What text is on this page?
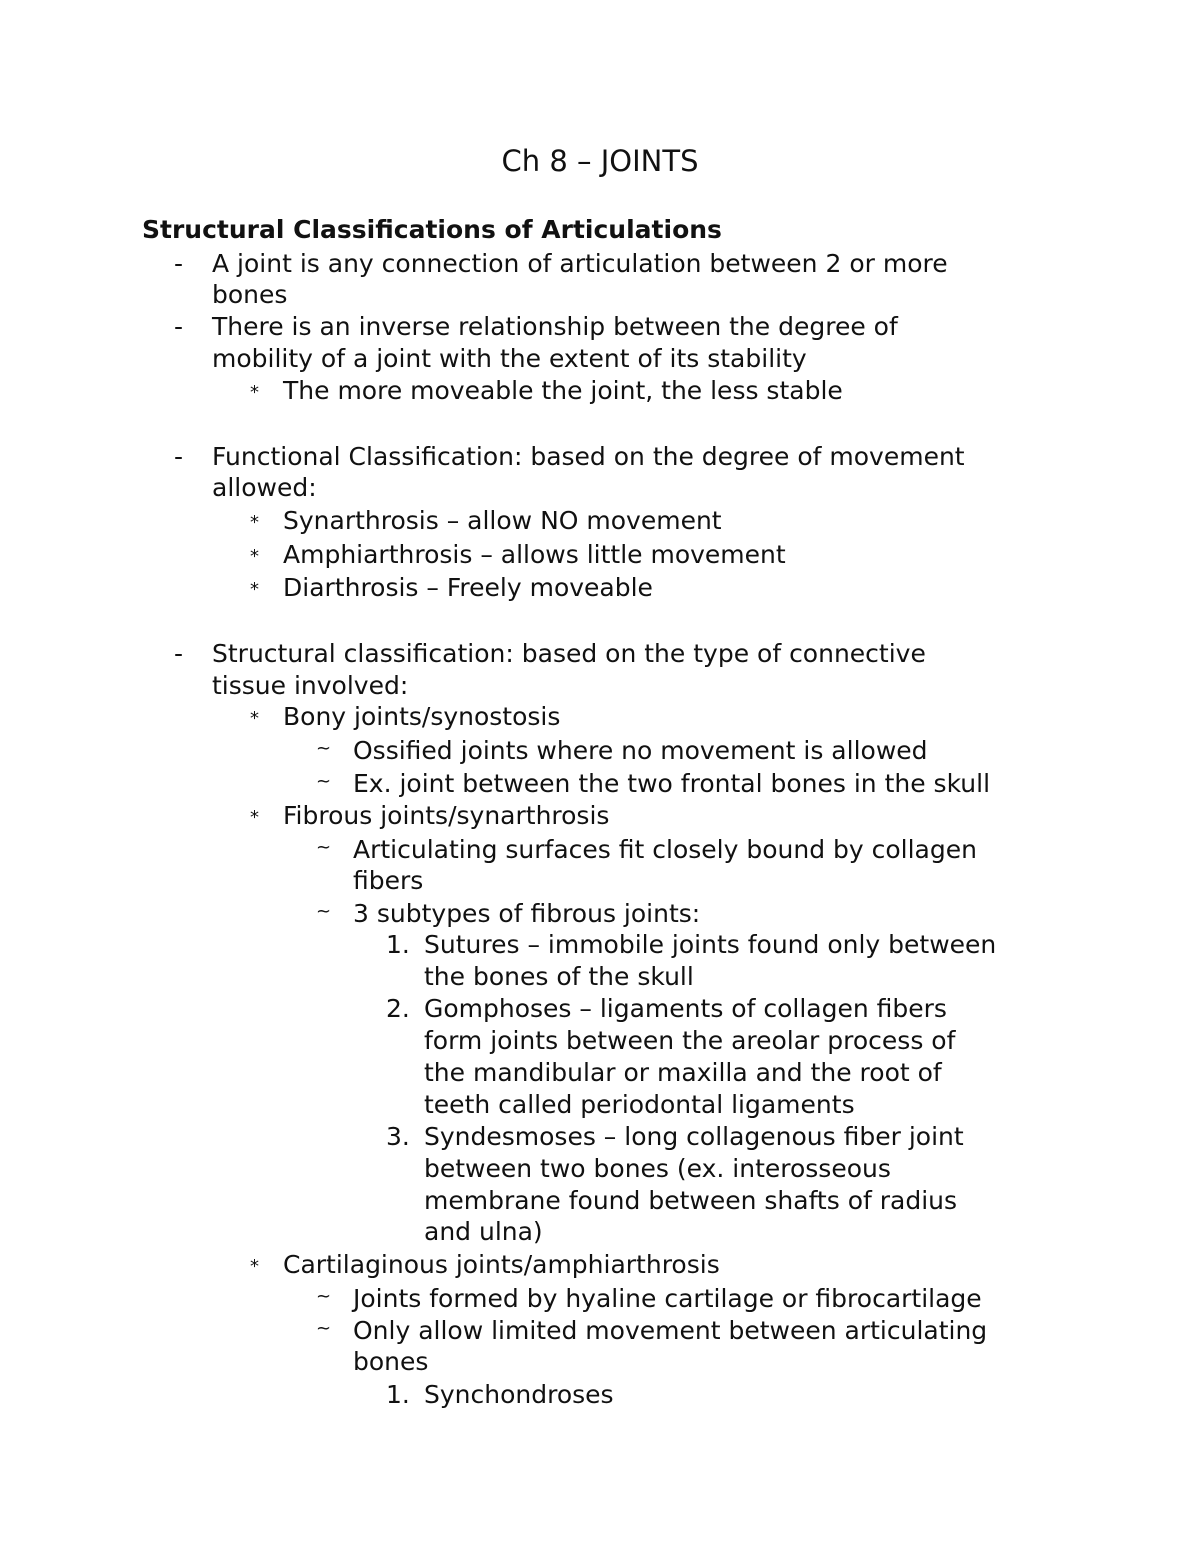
Ch 8 – JOINTS
Structural Classifications of Articulations
- A joint is any connection of articulation between 2 or more
bones
- There is an inverse relationship between the degree of
mobility of a joint with the extent of its stability
* The more moveable the joint, the less stable
- Functional Classification: based on the degree of movement
allowed:
* Synarthrosis – allow NO movement
* Amphiarthrosis – allows little movement
* Diarthrosis – Freely moveable
- Structural classification: based on the type of connective
tissue involved:
* Bony joints/synostosis
~ Ossified joints where no movement is allowed
~ Ex. joint between the two frontal bones in the skull
* Fibrous joints/synarthrosis
~ Articulating surfaces fit closely bound by collagen
fibers
~ 3 subtypes of fibrous joints:
1. Sutures – immobile joints found only between
the bones of the skull
2. Gomphoses – ligaments of collagen fibers
form joints between the areolar process of
the mandibular or maxilla and the root of
teeth called periodontal ligaments
3. Syndesmoses – long collagenous fiber joint
between two bones (ex. interosseous
membrane found between shafts of radius
and ulna)
* Cartilaginous joints/amphiarthrosis
~ Joints formed by hyaline cartilage or fibrocartilage
~ Only allow limited movement between articulating
bones
1. Synchondroses
